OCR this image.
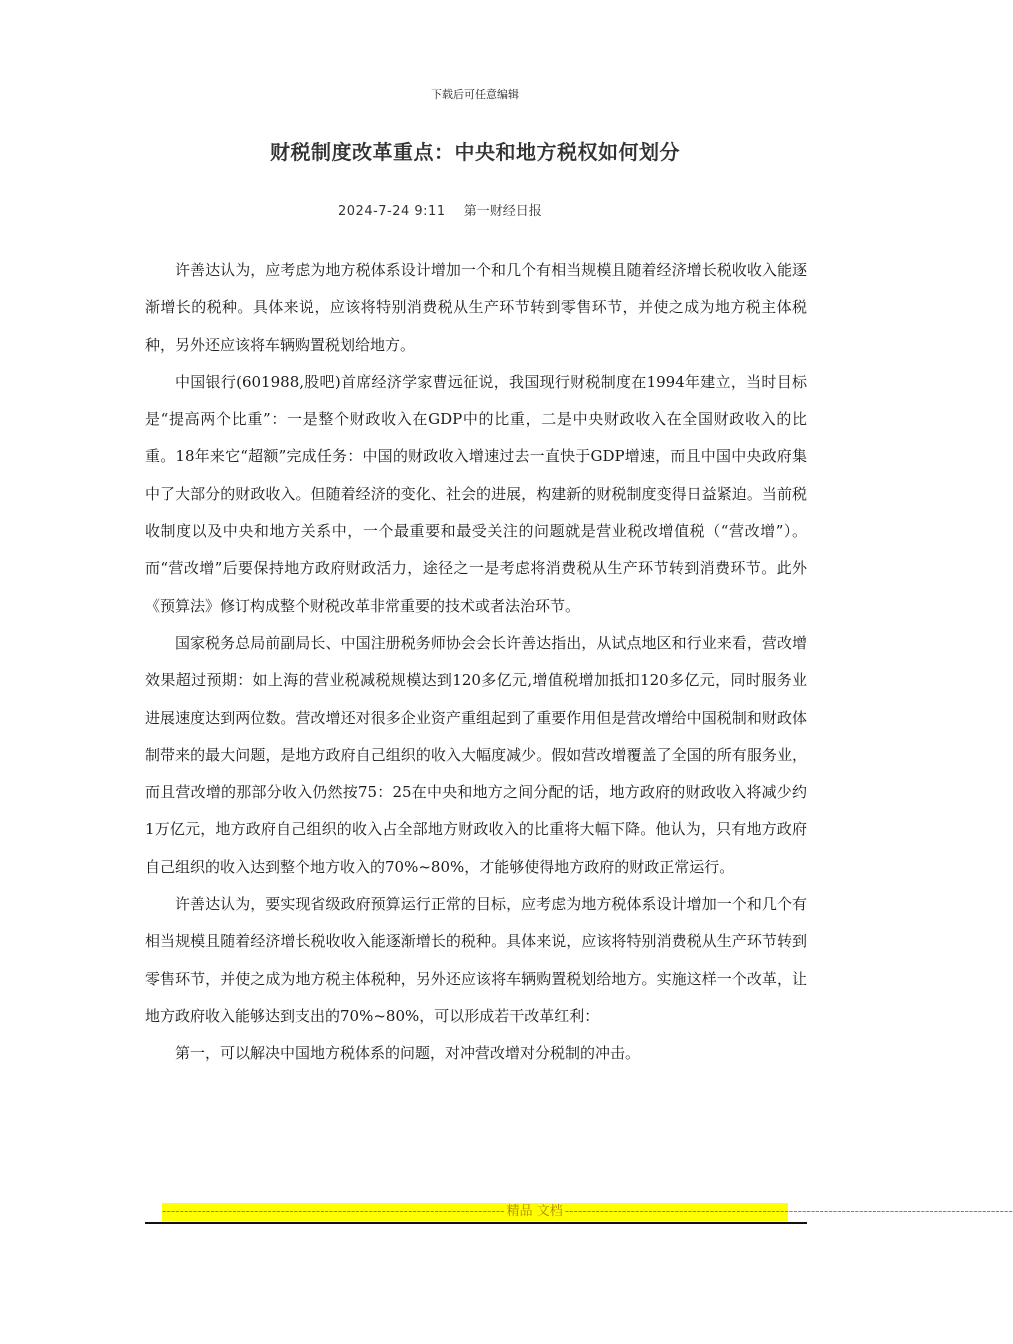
下载后可任意编辑
财税制度改革重点：中央和地方税权如何划分
2024-7-24 9:11 第一财经日报

许善达认为，应考虑为地方税体系设计增加一个和几个有相当规模且随着经济增长税收收入能逐渐增长的税种。具体来说，应该将特别消费税从生产环节转到零售环节，并使之成为地方税主体税种，另外还应该将车辆购置税划给地方。

中国银行(601988,股吧)首席经济学家曹远征说，我国现行财税制度在1994年建立，当时目标是“提高两个比重”：一是整个财政收入在GDP中的比重，二是中央财政收入在全国财政收入的比重。18年来它“超额”完成任务：中国的财政收入增速过去一直快于GDP增速，而且中国中央政府集中了大部分的财政收入。但随着经济的变化、社会的进展，构建新的财税制度变得日益紧迫。当前税收制度以及中央和地方关系中，一个最重要和最受关注的问题就是营业税改增值税（“营改增”）。而“营改增”后要保持地方政府财政活力，途径之一是考虑将消费税从生产环节转到消费环节。此外《预算法》修订构成整个财税改革非常重要的技术或者法治环节。

国家税务总局前副局长、中国注册税务师协会会长许善达指出，从试点地区和行业来看，营改增效果超过预期：如上海的营业税减税规模达到120多亿元,增值税增加抵扣120多亿元，同时服务业进展速度达到两位数。营改增还对很多企业资产重组起到了重要作用但是营改增给中国税制和财政体制带来的最大问题，是地方政府自己组织的收入大幅度减少。假如营改增覆盖了全国的所有服务业，而且营改增的那部分收入仍然按75：25在中央和地方之间分配的话，地方政府的财政收入将减少约1万亿元，地方政府自己组织的收入占全部地方财政收入的比重将大幅下降。他认为，只有地方政府自己组织的收入达到整个地方收入的70%~80%，才能够使得地方政府的财政正常运行。

许善达认为，要实现省级政府预算运行正常的目标，应考虑为地方税体系设计增加一个和几个有相当规模且随着经济增长税收收入能逐渐增长的税种。具体来说，应该将特别消费税从生产环节转到零售环节，并使之成为地方税主体税种，另外还应该将车辆购置税划给地方。实施这样一个改革，让地方政府收入能够达到支出的70%~80%，可以形成若干改革红利：

第一，可以解决中国地方税体系的问题，对冲营改增对分税制的冲击。

------------------------------------------------------------------------------ 精品 文档 ------------------------------------------------------------------------------------------------------
